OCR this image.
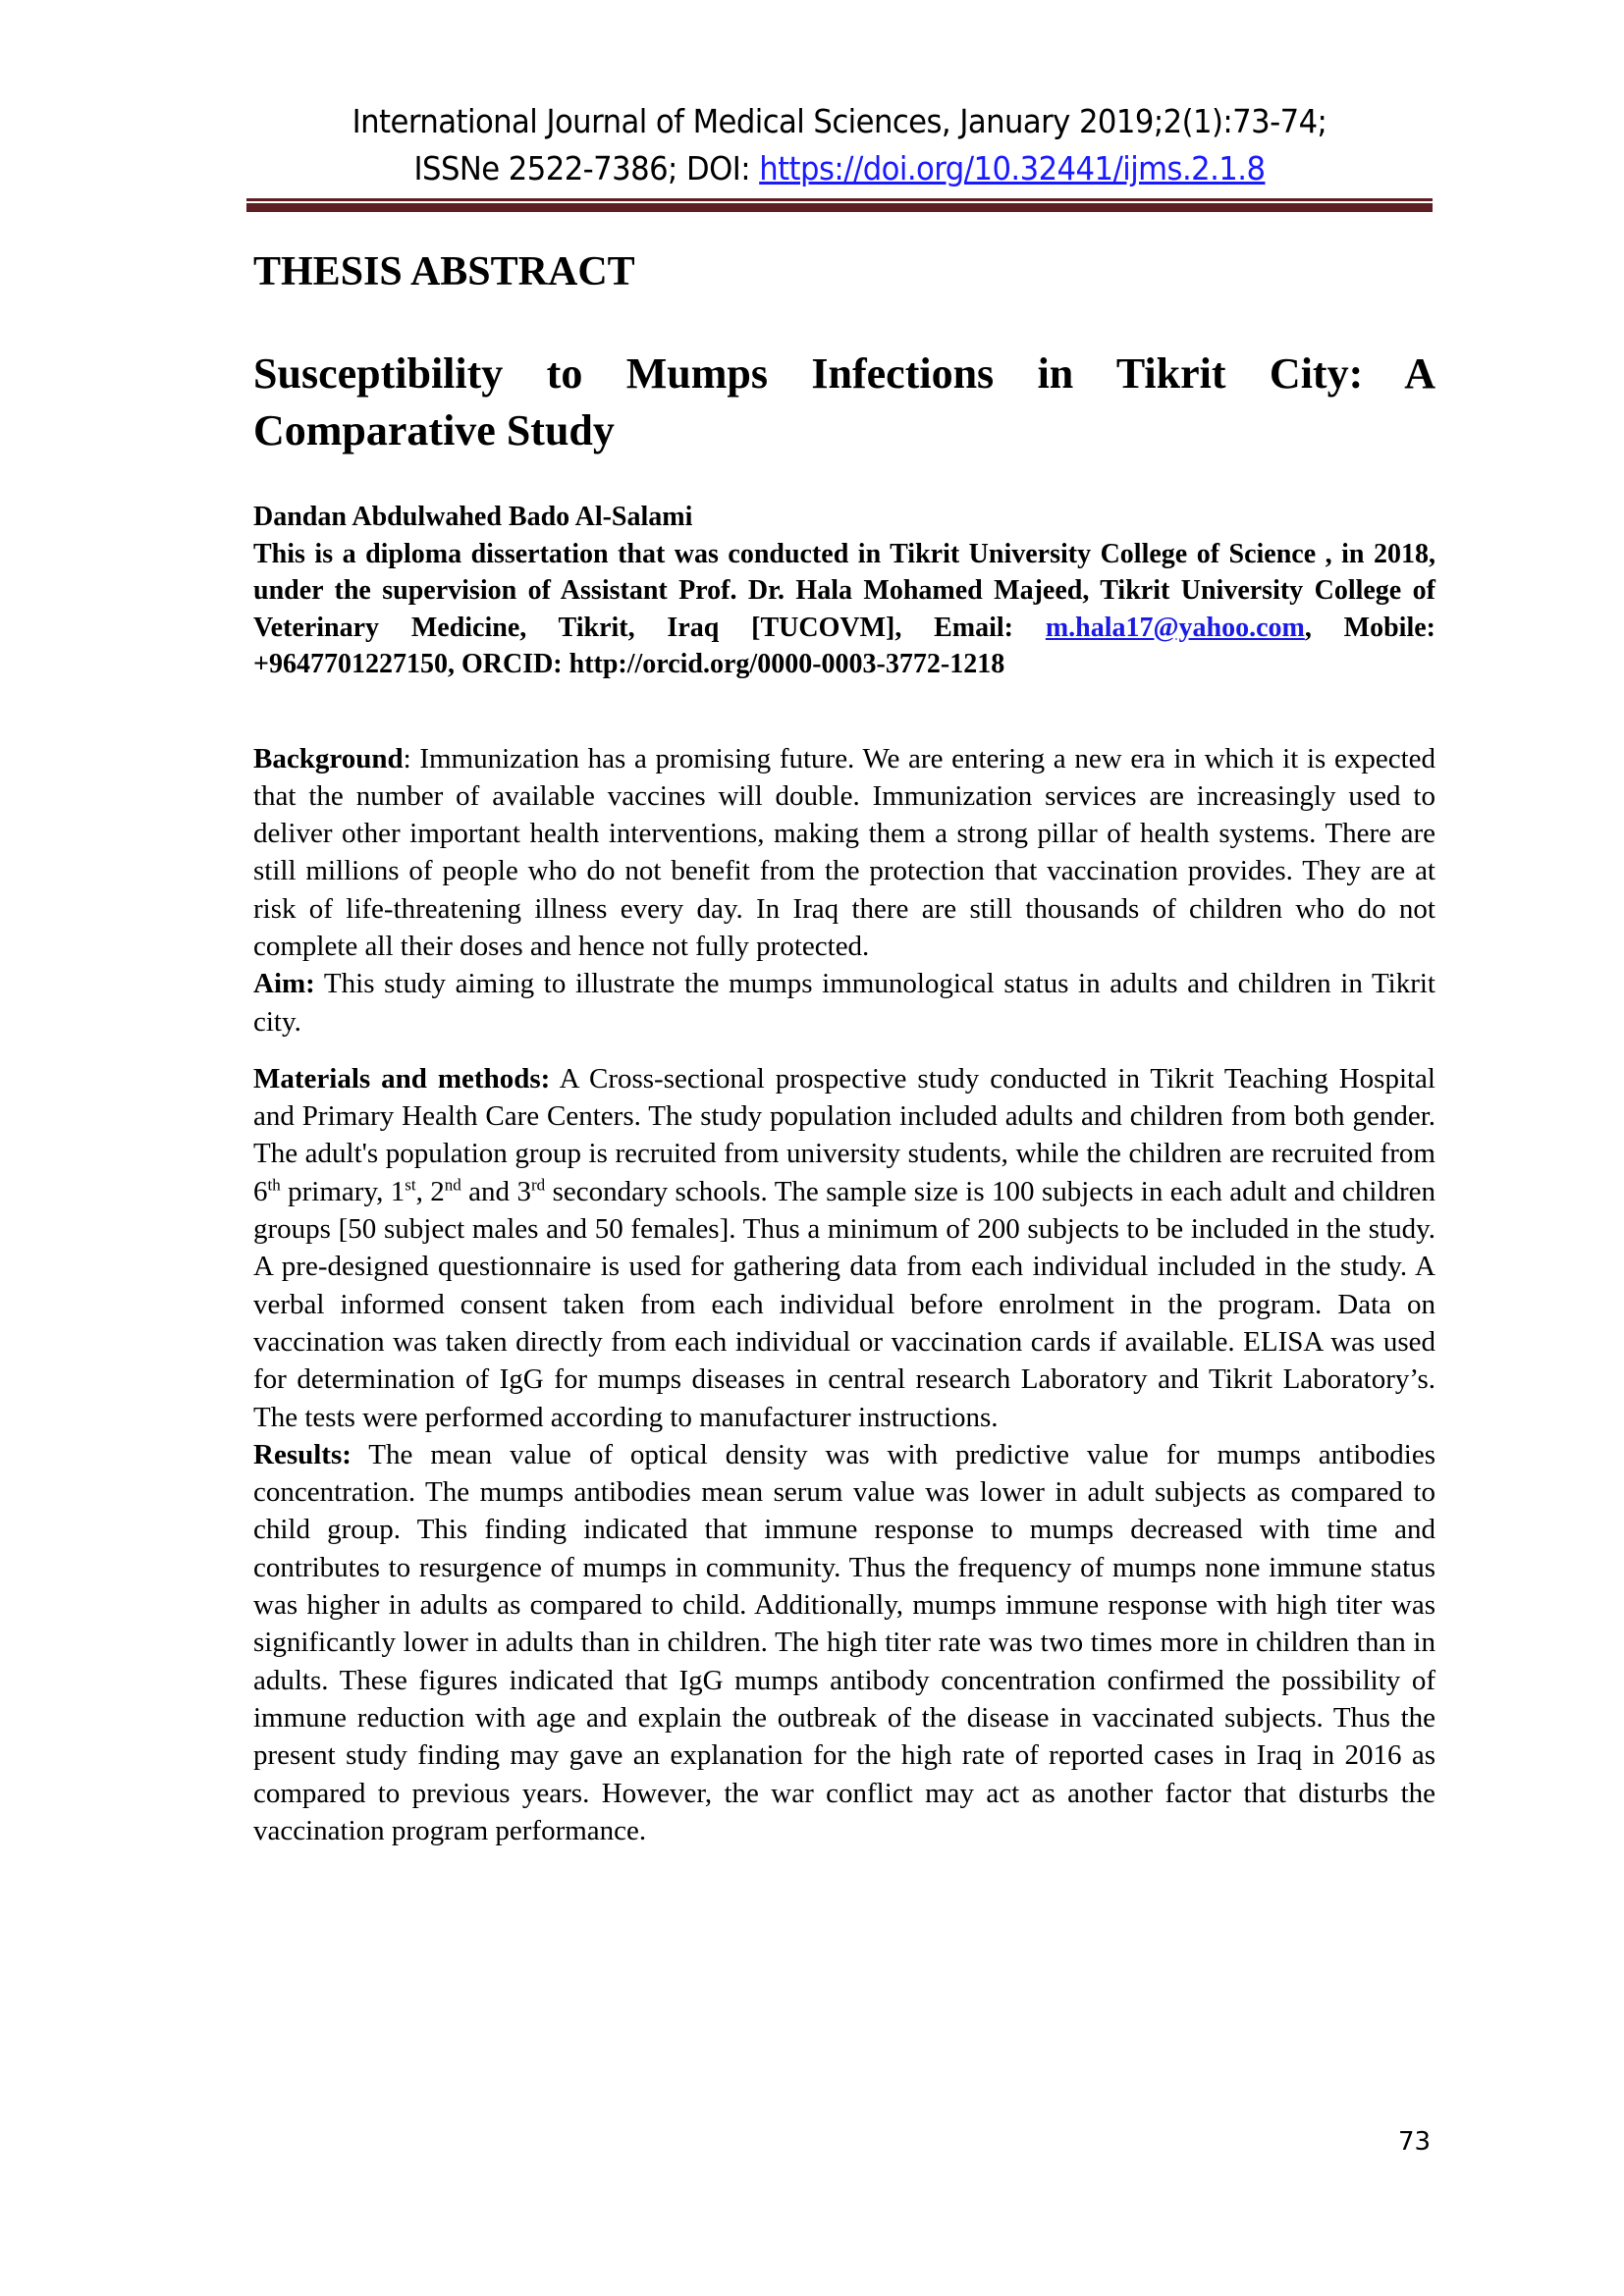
International Journal of Medical Sciences, January 2019;2(1):73-74;
ISSNe 2522-7386; DOI: https://doi.org/10.32441/ijms.2.1.8
THESIS ABSTRACT
Susceptibility to Mumps Infections in Tikrit City: A Comparative Study
Dandan Abdulwahed Bado Al-Salami
This is a diploma dissertation that was conducted in Tikrit University College of Science , in 2018, under the supervision of Assistant Prof. Dr. Hala Mohamed Majeed, Tikrit University College of Veterinary Medicine, Tikrit, Iraq [TUCOVM], Email: m.hala17@yahoo.com, Mobile: +9647701227150, ORCID: http://orcid.org/0000-0003-3772-1218

Background: Immunization has a promising future. We are entering a new era in which it is expected that the number of available vaccines will double. Immunization services are increasingly used to deliver other important health interventions, making them a strong pillar of health systems. There are still millions of people who do not benefit from the protection that vaccination provides. They are at risk of life-threatening illness every day. In Iraq there are still thousands of children who do not complete all their doses and hence not fully protected.

Aim: This study aiming to illustrate the mumps immunological status in adults and children in Tikrit city.

Materials and methods: A Cross-sectional prospective study conducted in Tikrit Teaching Hospital and Primary Health Care Centers. The study population included adults and children from both gender. The adult's population group is recruited from university students, while the children are recruited from 6th primary, 1st, 2nd and 3rd secondary schools. The sample size is 100 subjects in each adult and children groups [50 subject males and 50 females]. Thus a minimum of 200 subjects to be included in the study. A pre-designed questionnaire is used for gathering data from each individual included in the study. A verbal informed consent taken from each individual before enrolment in the program. Data on vaccination was taken directly from each individual or vaccination cards if available. ELISA was used for determination of IgG for mumps diseases in central research Laboratory and Tikrit Laboratory’s. The tests were performed according to manufacturer instructions.

Results: The mean value of optical density was with predictive value for mumps antibodies concentration. The mumps antibodies mean serum value was lower in adult subjects as compared to child group. This finding indicated that immune response to mumps decreased with time and contributes to resurgence of mumps in community. Thus the frequency of mumps none immune status was higher in adults as compared to child. Additionally, mumps immune response with high titer was significantly lower in adults than in children. The high titer rate was two times more in children than in adults. These figures indicated that IgG mumps antibody concentration confirmed the possibility of immune reduction with age and explain the outbreak of the disease in vaccinated subjects. Thus the present study finding may gave an explanation for the high rate of reported cases in Iraq in 2016 as compared to previous years. However, the war conflict may act as another factor that disturbs the vaccination program performance.

73
